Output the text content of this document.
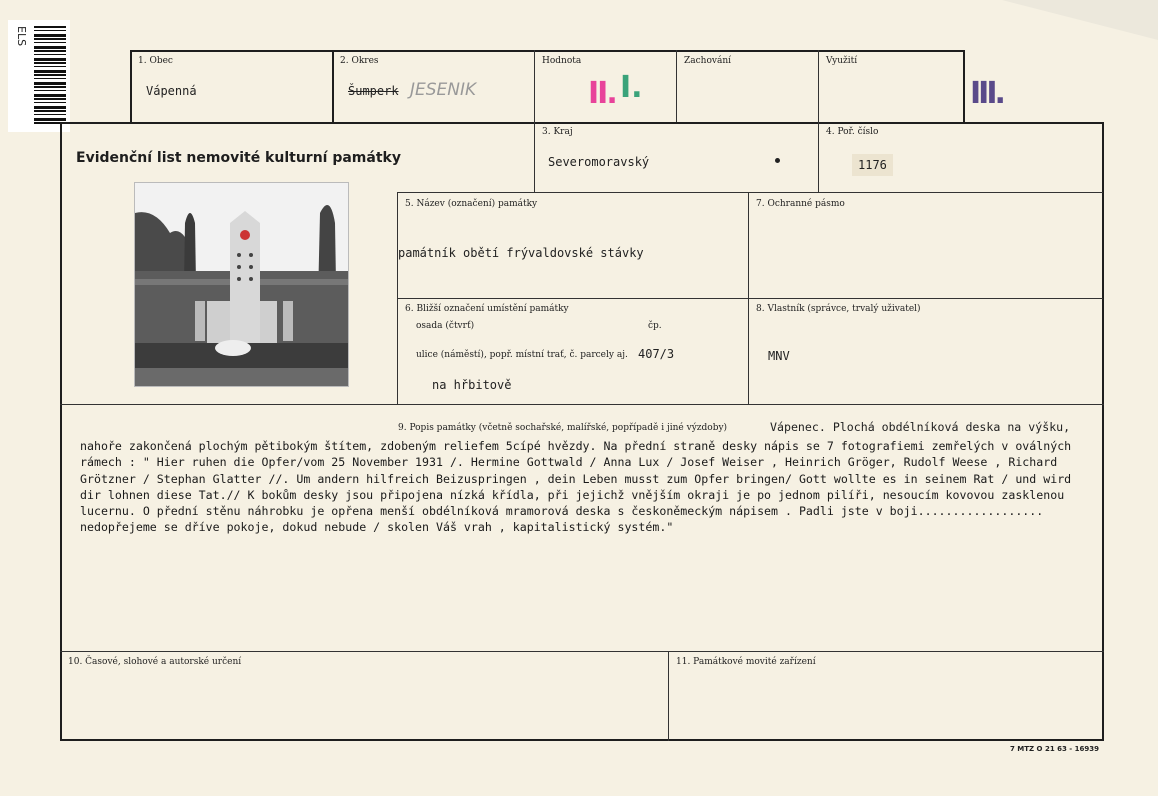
ELS
1. Obec
Vápenná
2. Okres
Šumperk JESENIK
Hodnota
II. I.
Zachování	Využití
III.
Evidenční list nemovité kulturní památky
3. Kraj
Severomoravský
4. Poř. číslo
1176
5. Název (označení) památky
památník obětí frývaldovské stávky
7. Ochranné pásmo
6. Bližší označení umístění památky
osada (čtvrť)	čp.
ulice (náměstí), popř. místní trať, č. parcely aj. 407/3
na hřbitově
8. Vlastník (správce, trvalý uživatel)
MNV
9. Popis památky (včetně sochařské, malířské, popřípadě i jiné výzdoby)	Vápenec. Plochá obdélníková deska na výšku,
nahoře zakončená plochým pětibokým štítem, zdobeným reliefem 5cípé hvězdy. Na přední straně desky nápis se 7 fotografiemi zemřelých v oválných
rámech : " Hier ruhen die Opfer/vom 25 November 1931 /. Hermine Gottwald / Anna Lux / Josef Weiser , Heinrich Gröger, Rudolf Weese , Richard
Grötzner / Stephan Glatter //. Um andern hilfreich Beizuspringen , dein Leben musst zum Opfer bringen/ Gott wollte es in seinem Rat / und wird
dir lohnen diese Tat.// K bokům desky jsou připojena nízká křídla, při jejichž vnějším okraji je po jednom pilíři, nesoucím kovovou zasklenou
lucernu. O přední stěnu náhrobku je opřena menší obdélníková mramorová deska s českoněmeckým nápisem . Padli jste v boji..................
nedopřejeme se dříve pokoje, dokud nebude / skolen Váš vrah , kapitalistický systém."
10. Časové, slohové a autorské určení	11. Památkové movité zařízení
7 MTZ O 21 63 - 16939
